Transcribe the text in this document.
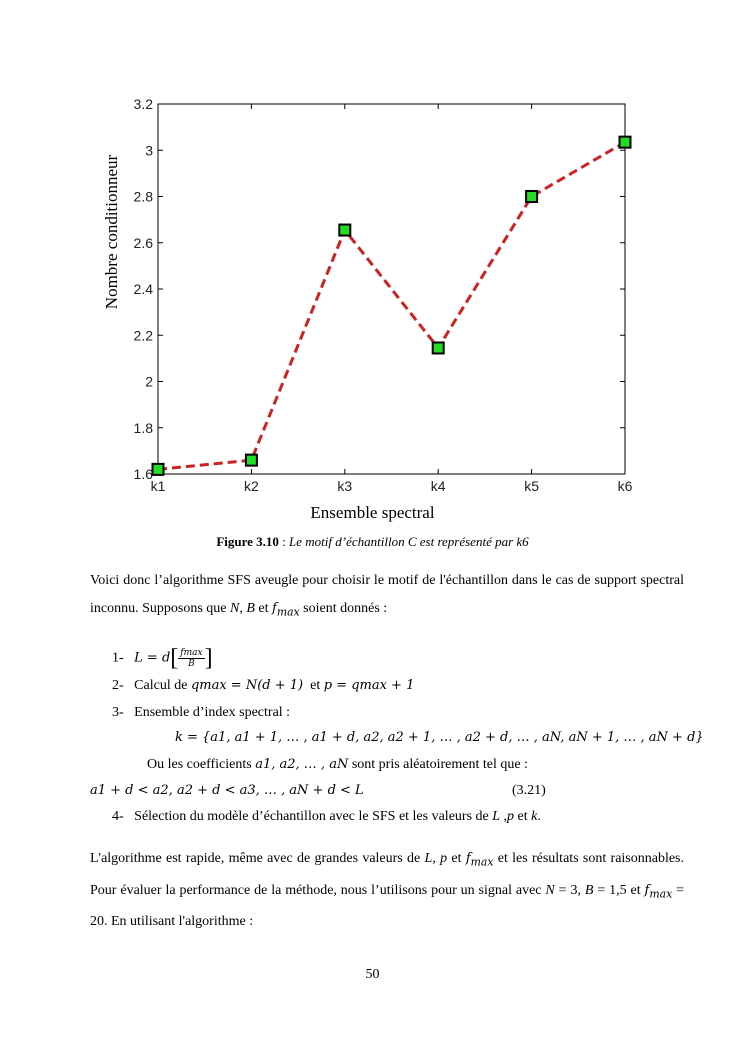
1.6
1.8
2
2.2
2.4
2.6
2.8
3
3.2
k1	k2	k3	k4	k5	k6
Nombre conditionneur
Ensemble spectral
Figure 3.10 : Le motif d’échantillon C est représenté par k6
Voici donc l’algorithme SFS aveugle pour choisir le motif de l'échantillon dans le cas de support spectral inconnu. Supposons que N, B et $f_{max}$ soient donnés :
1- $L = d[ \frac{fmax}{B}$ ]
2- Calcul de qmax = N(d + 1)  et p = qmax + 1
3- Ensemble d’index spectral :
k = {a1, a1 + 1, … , a1 + d, a2, a2 + 1, … , a2 + d, … , aN, aN + 1, … , aN + d}
Ou les coefficients a1, a2, … , aN sont pris aléatoirement tel que :
a1 + d < a2, a2 + d < a3, … , aN + d < L	(3.21)
4- Sélection du modèle d’échantillon avec le SFS et les valeurs de L ,p et k.
L'algorithme est rapide, même avec de grandes valeurs de L, p et $f_{max}$ et les résultats sont raisonnables. Pour évaluer la performance de la méthode, nous l’utilisons pour un signal avec N = 3, B = 1,5 et $f_{max} = 20$. En utilisant l'algorithme :
50
